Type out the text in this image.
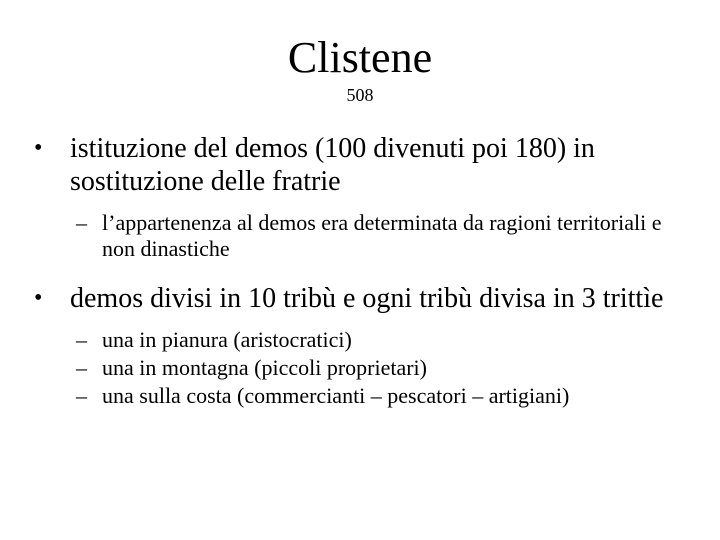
Clistene
508
• istituzione del demos (100 divenuti poi 180) in sostituzione delle fratrie
– l’appartenenza al demos era determinata da ragioni territoriali e non dinastiche
• demos divisi in 10 tribù e ogni tribù divisa in 3 trittìe
– una in pianura (aristocratici)
– una in montagna (piccoli proprietari)
– una sulla costa (commercianti – pescatori – artigiani)
